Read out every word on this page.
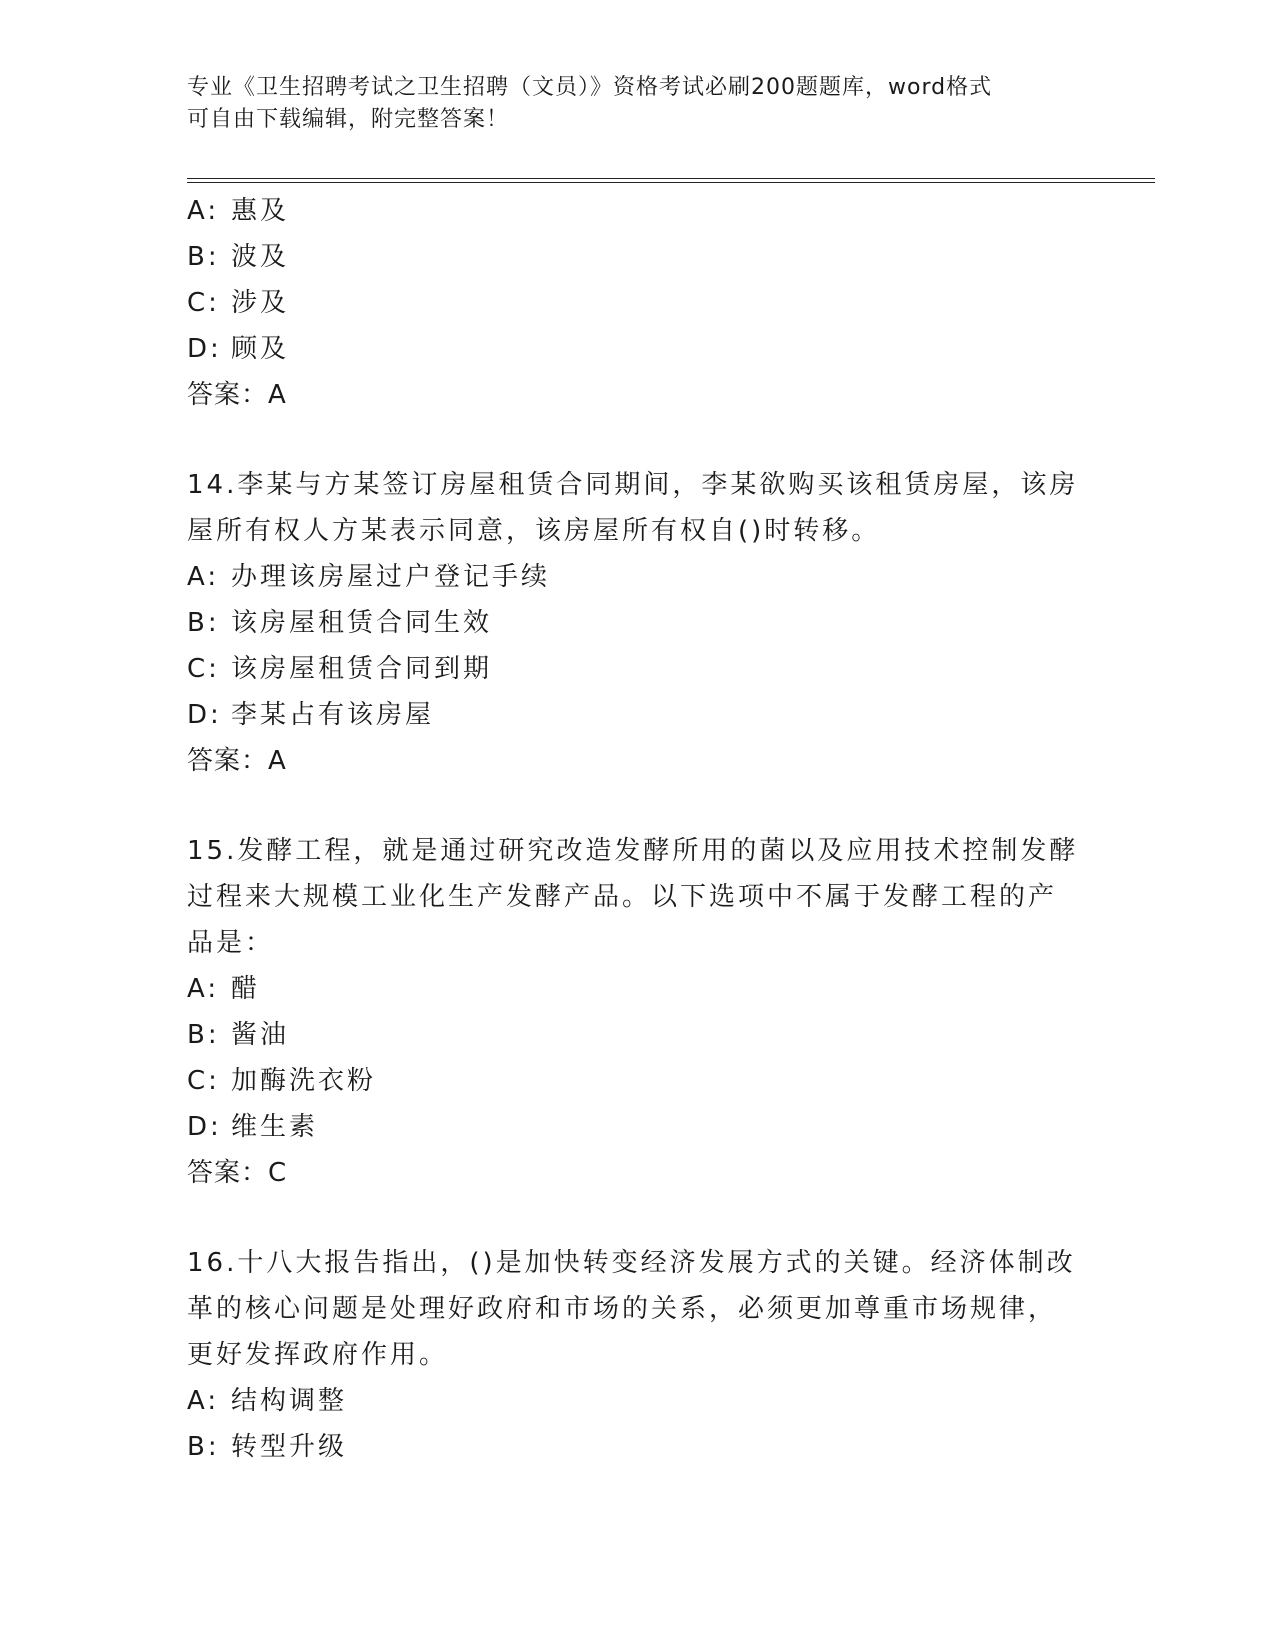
专业《卫生招聘考试之卫生招聘（文员）》资格考试必刷200题题库，word格式
可自由下载编辑，附完整答案！
A: 惠及
B: 波及
C: 涉及
D: 顾及
答案：A
14.李某与方某签订房屋租赁合同期间，李某欲购买该租赁房屋，该房
屋所有权人方某表示同意，该房屋所有权自()时转移。
A: 办理该房屋过户登记手续
B: 该房屋租赁合同生效
C: 该房屋租赁合同到期
D: 李某占有该房屋
答案：A
15.发酵工程，就是通过研究改造发酵所用的菌以及应用技术控制发酵
过程来大规模工业化生产发酵产品。以下选项中不属于发酵工程的产
品是：
A: 醋
B: 酱油
C: 加酶洗衣粉
D: 维生素
答案：C
16.十八大报告指出，()是加快转变经济发展方式的关键。经济体制改
革的核心问题是处理好政府和市场的关系，必须更加尊重市场规律，
更好发挥政府作用。
A: 结构调整
B: 转型升级
